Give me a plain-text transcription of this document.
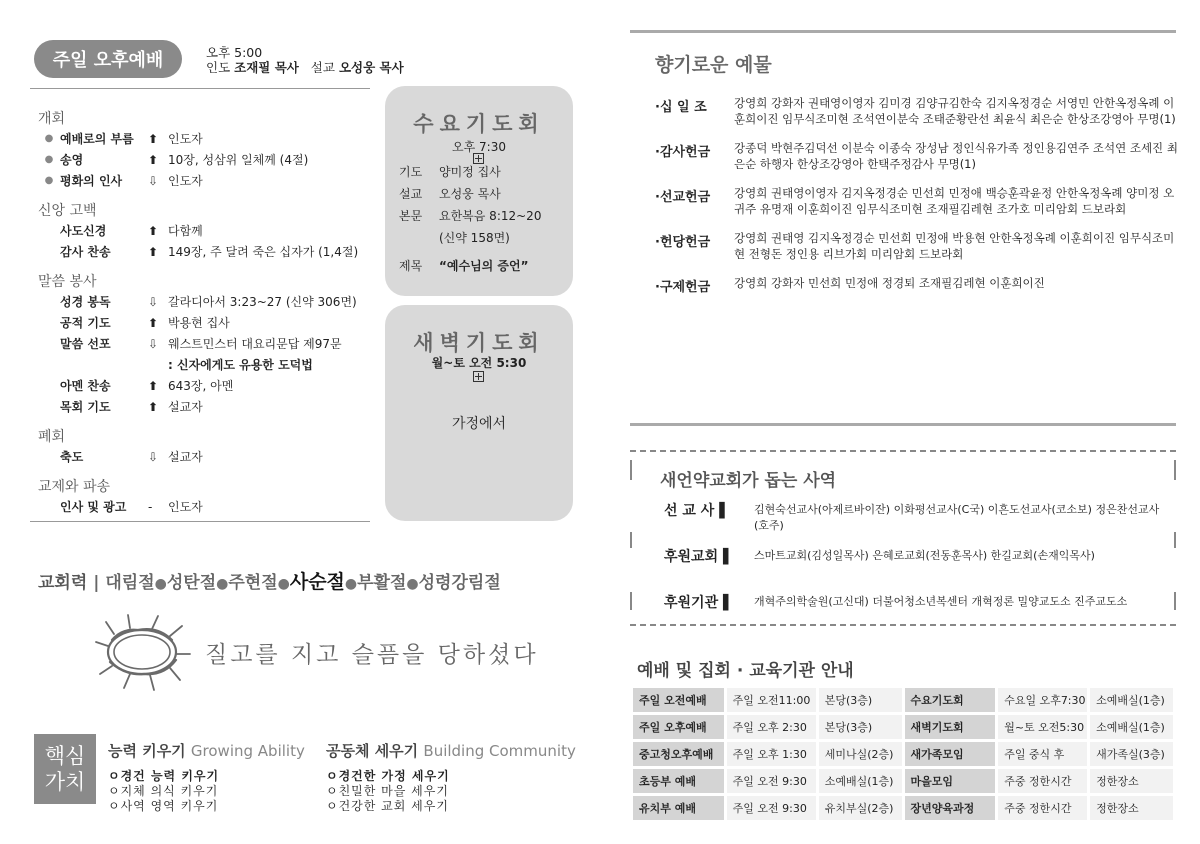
주일 오후예배	오후 5:00
인도 조재필 목사 설교 오성웅 목사
개회
● 예배로의 부름	⬆ 인도자
● 송영	⬆ 10장, 성삼위 일체께 (4절)
● 평화의 인사	⇩ 인도자
신앙 고백
사도신경	⬆ 다함께
감사 찬송	⬆ 149장, 주 달려 죽은 십자가 (1,4절)
말씀 봉사
성경 봉독	⇩ 갈라디아서 3:23~27 (신약 306면)
공적 기도	⬆ 박용현 집사
말씀 선포	⇩ 웨스트민스터 대요리문답 제97문
: 신자에게도 유용한 도덕법
아멘 찬송	⬆ 643장, 아멘
목회 기도	⬆ 설교자
폐회
축도	⇩ 설교자
교제와 파송
인사 및 광고	-	인도자
수요기도회
오후 7:30
기도	양미정 집사
설교	오성웅 목사
본문	요한복음 8:12~20
(신약 158면)
제목	“예수님의 증언”
새벽기도회
월~토 오전 5:30
가정에서
교회력 | 대림절●성탄절●주현절●사순절●부활절●성령강림절
질고를 지고 슬픔을 당하셨다
핵심
가치
능력 키우기 Growing Ability
ㅇ경건 능력 키우기
ㅇ지체 의식 키우기
ㅇ사역 영역 키우기
공동체 세우기 Building Community
ㅇ경건한 가정 세우기
ㅇ친밀한 마을 세우기
ㅇ건강한 교회 세우기
향기로운 예물
·십 일 조	강영희 강화자 권태영이영자 김미경 김양규김한숙 김지옥정경순 서영민 안한옥정옥례 이훈희이진 임무식조미현 조석연이분숙 조태준황란선 최윤식 최은순 한상조강영아 무명(1)
·감사헌금	강종덕 박현주김덕선 이분숙 이종숙 장성남 정인식유가족 정인용김연주 조석연 조세진 최은순 하행자 한상조강영아 한택주정감사 무명(1)
·선교헌금	강영희 권태영이영자 김지옥정경순 민선희 민정애 백승훈곽윤정 안한옥정옥례 양미정 오귀주 유명재 이훈희이진 임무식조미현 조재필김레현 조가호 미리암회 드보라회
·헌당헌금	강영희 권태영 김지옥정경순 민선희 민정애 박용현 안한옥정옥례 이훈희이진 임무식조미현 전형돈 정인용 리브가회 미리암회 드보라회
·구제헌금	강영희 강화자 민선희 민정애 정경퇴 조재필김레현 이훈희이진
새언약교회가 돕는 사역
선 교 사 ▌	김현숙선교사(아제르바이잔) 이화평선교사(C국) 이흔도선교사(코소보) 정은찬선교사(호주)
후원교회 ▌	스마트교회(김성일목사) 은혜로교회(전동훈목사) 한길교회(손재익목사)
후원기관 ▌	개혁주의학술원(고신대) 더불어청소년복센터 개혁정론 밀양교도소 진주교도소
예배 및 집회 · 교육기관 안내
주일 오전예배	주일 오전11:00	본당(3층)	수요기도회	수요일 오후7:30	소예배실(1층)
주일 오후예배	주일 오후 2:30	본당(3층)	새벽기도회	월~토 오전5:30	소예배실(1층)
중고청오후예배	주일 오후 1:30	세미나실(2층)	새가족모임	주일 중식 후	새가족실(3층)
초등부 예배	주일 오전 9:30	소예배실(1층)	마을모임	주중 정한시간	정한장소
유치부 예배	주일 오전 9:30	유치부실(2층)	장년양육과정	주중 정한시간	정한장소
